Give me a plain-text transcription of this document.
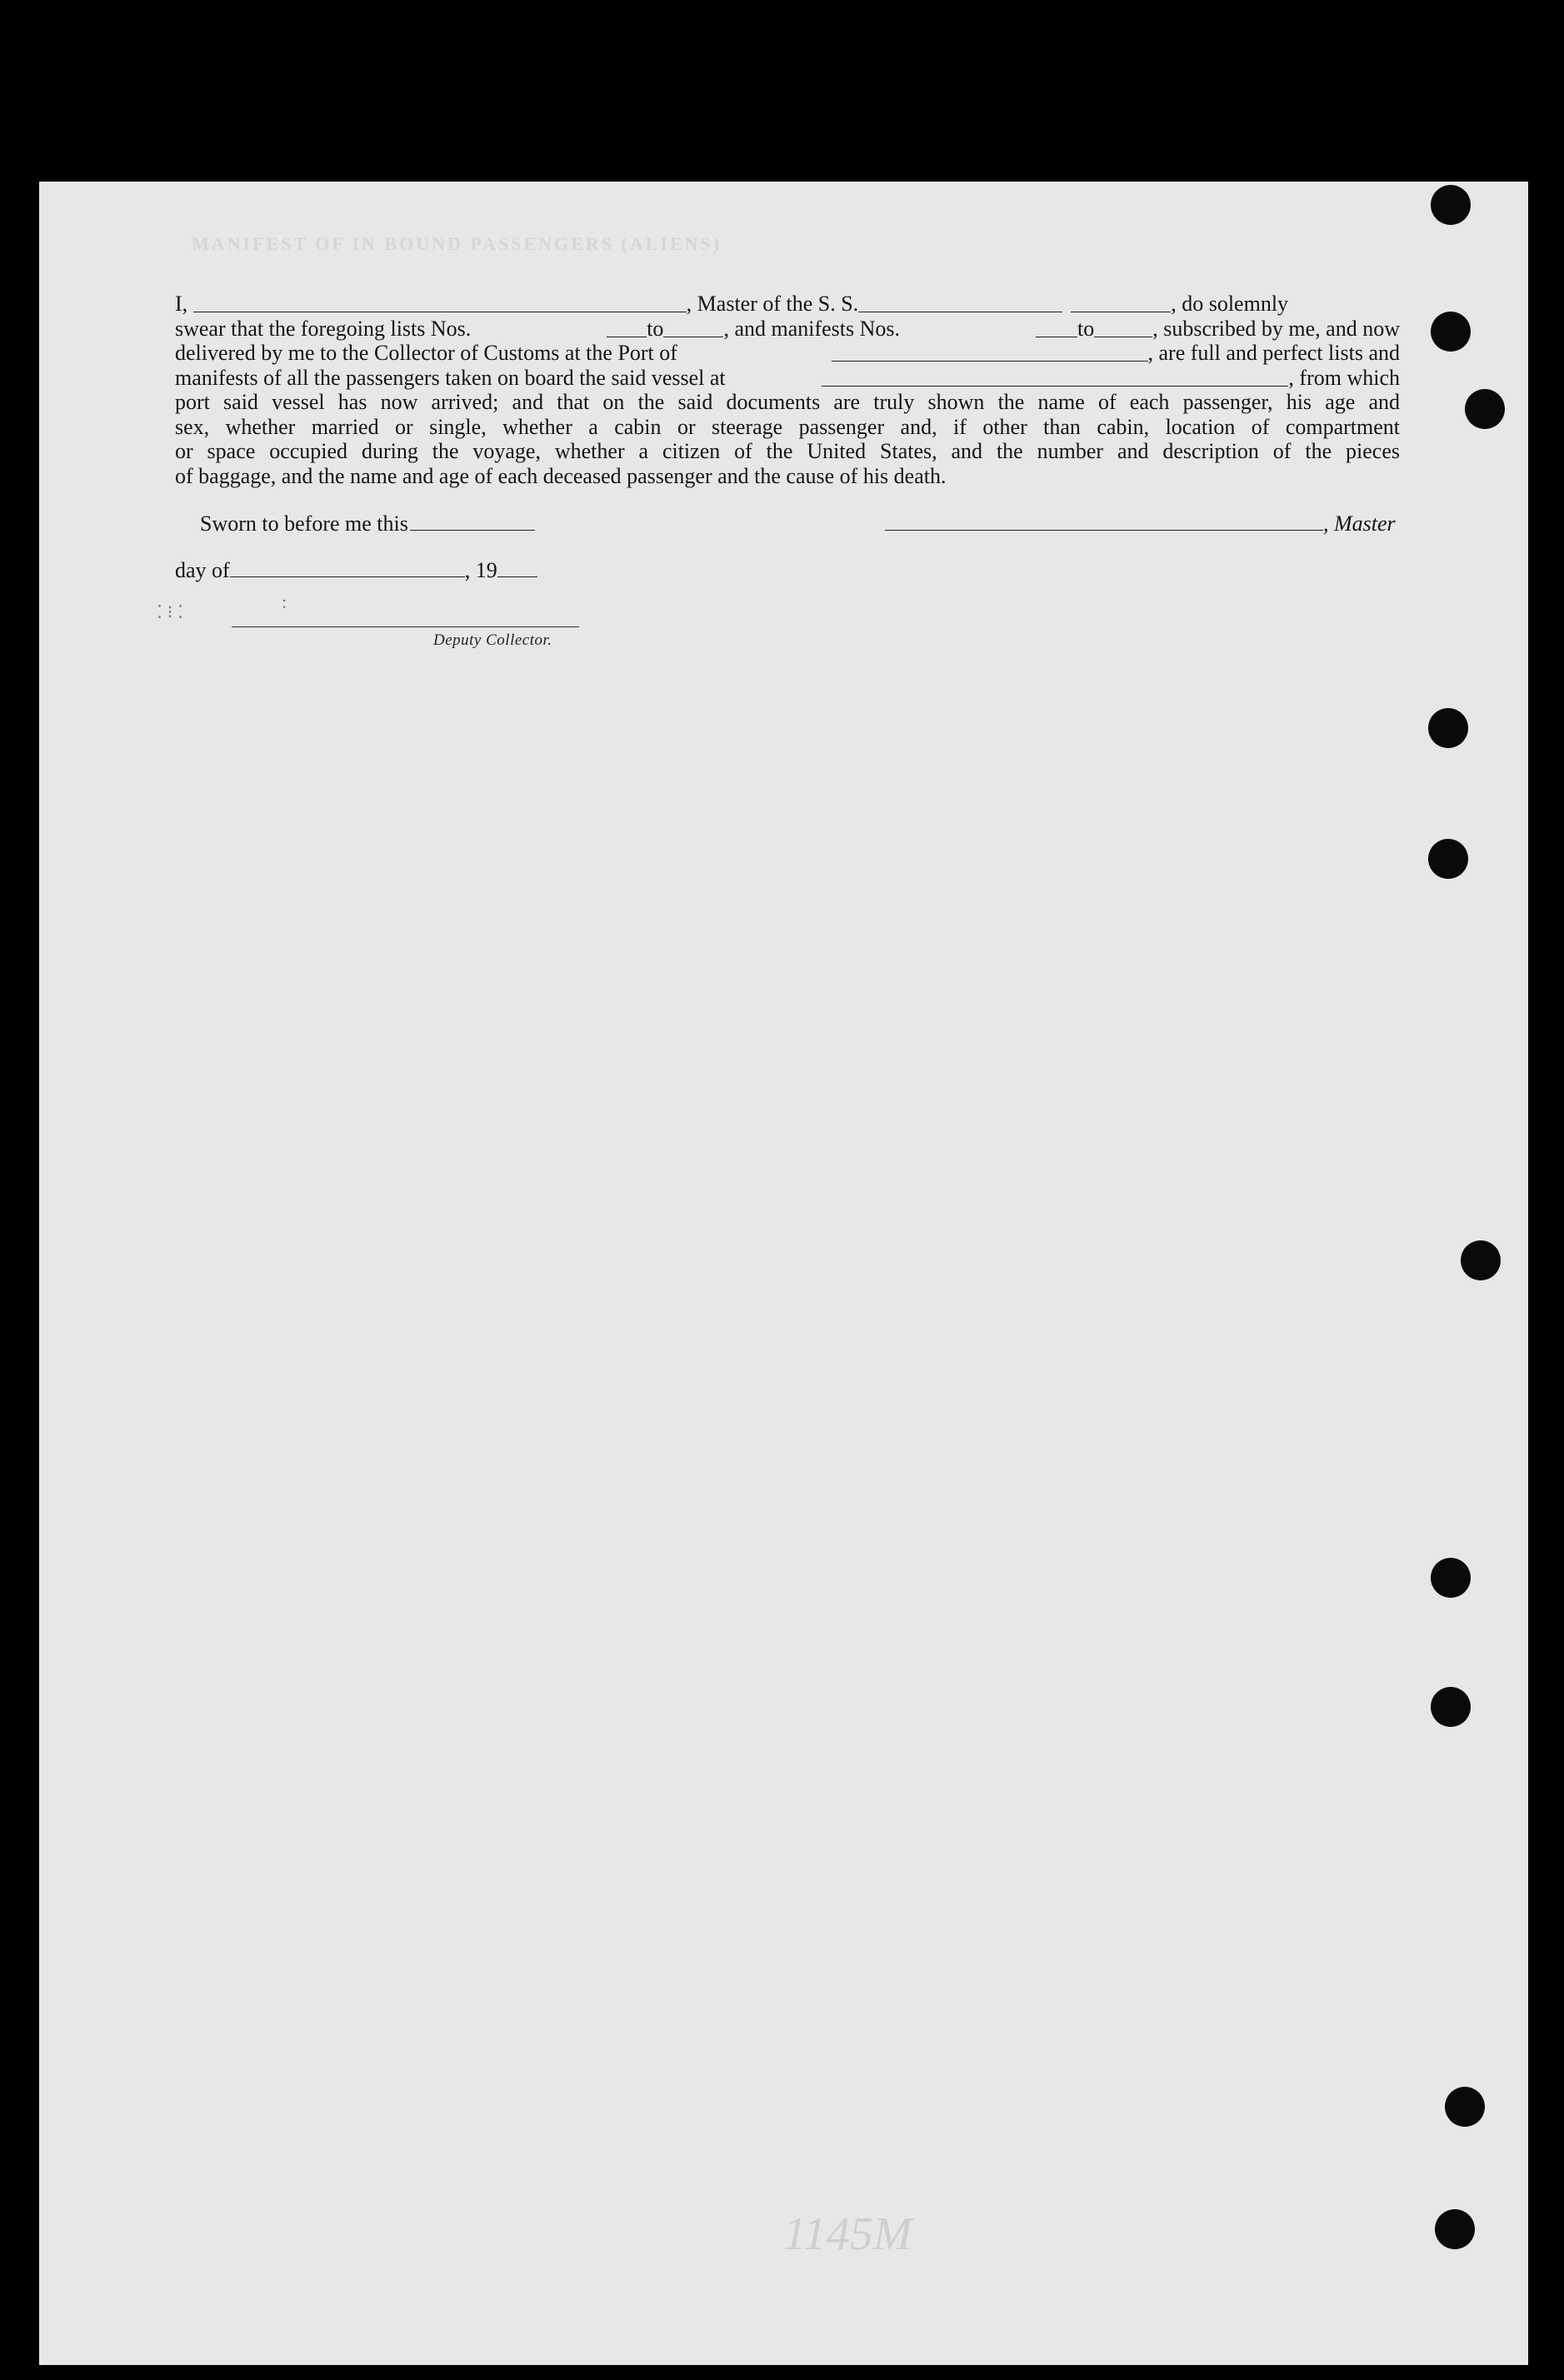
MANIFEST OF IN BOUND PASSENGERS (ALIENS)
I,	, Master of the S. S.	, do solemnly
swear that the foregoing lists Nos.	to	, and manifests Nos.	to	, subscribed by me, and now
delivered by me to the Collector of Customs at the Port of	, are full and perfect lists and
manifests of all the passengers taken on board the said vessel at	, from which

port said vessel has now arrived; and that on the said documents are truly shown the name of each passenger, his age and

sex, whether married or single, whether a cabin or steerage passenger and, if other than cabin, location of compartment

or space occupied during the voyage, whether a citizen of the United States, and the number and description of the pieces

of baggage, and the name and age of each deceased passenger and the cause of his death.

Sworn to before me this	, Master
day of	, 19
⁚ ⁝ ⁚	:
Deputy Collector.
1145M
